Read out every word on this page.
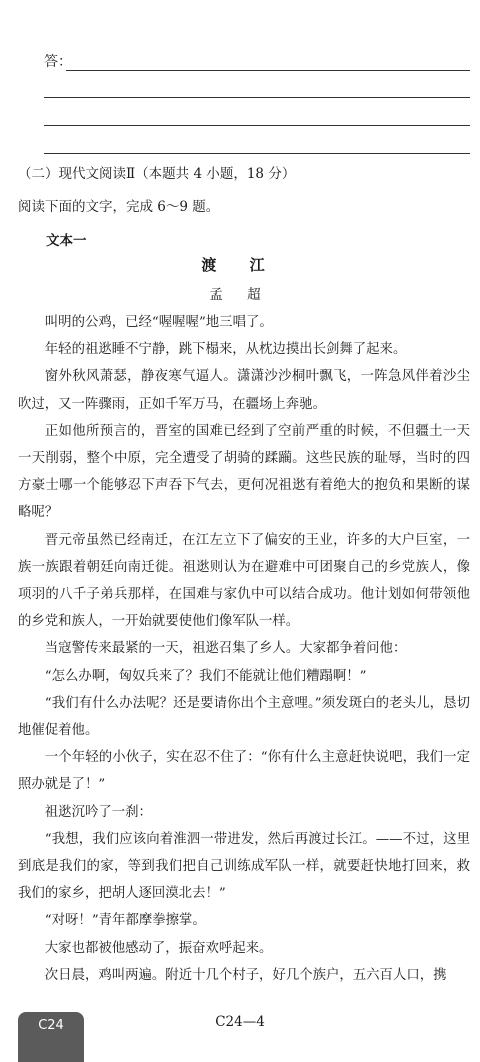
答：
（二）现代文阅读Ⅱ（本题共 4 小题，18 分）
阅读下面的文字，完成 6～9 题。
文本一
渡 江
孟 超

叫明的公鸡，已经“喔喔喔”地三唱了。

年轻的祖逖睡不宁静，跳下榻来，从枕边摸出长剑舞了起来。

窗外秋风萧瑟，静夜寒气逼人。潇潇沙沙桐叶飘飞，一阵急风伴着沙尘吹过，又一阵骤雨，正如千军万马，在疆场上奔驰。

正如他所预言的，晋室的国难已经到了空前严重的时候，不但疆土一天一天削弱，整个中原，完全遭受了胡骑的蹂躏。这些民族的耻辱，当时的四方豪士哪一个能够忍下声吞下气去，更何况祖逖有着绝大的抱负和果断的谋略呢？

晋元帝虽然已经南迁，在江左立下了偏安的王业，许多的大户巨室，一族一族跟着朝廷向南迁徙。祖逖则认为在避难中可团聚自己的乡党族人，像项羽的八千子弟兵那样，在国难与家仇中可以结合成功。他计划如何带领他的乡党和族人，一开始就要使他们像军队一样。

当寇警传来最紧的一天，祖逖召集了乡人。大家都争着问他：

“怎么办啊，匈奴兵来了？我们不能就让他们糟蹋啊！”

“我们有什么办法呢？还是要请你出个主意哩。”须发斑白的老头儿，恳切地催促着他。

一个年轻的小伙子，实在忍不住了：“你有什么主意赶快说吧，我们一定照办就是了！”

祖逖沉吟了一刹：

“我想，我们应该向着淮泗一带进发，然后再渡过长江。——不过，这里到底是我们的家，等到我们把自己训练成军队一样，就要赶快地打回来，救我们的家乡，把胡人逐回漠北去！”

“对呀！”青年都摩拳擦掌。

大家也都被他感动了，振奋欢呼起来。

次日晨，鸡叫两遍。附近十几个村子，好几个族户，五六百人口，携

C24	C24—4
